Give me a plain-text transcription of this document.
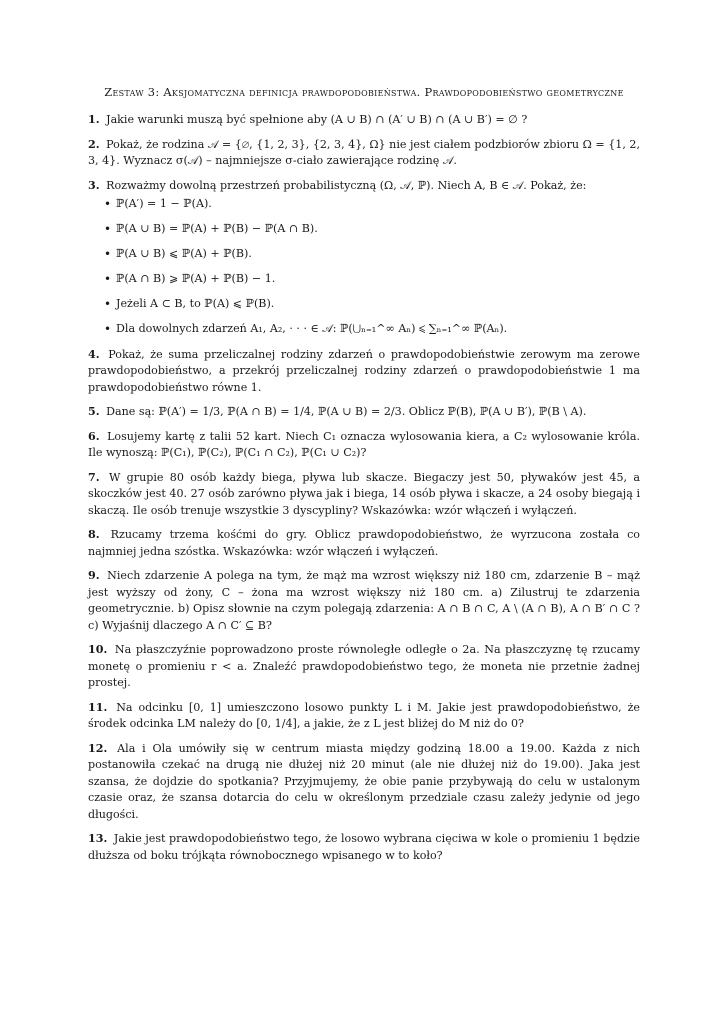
Zestaw 3: Aksjomatyczna definicja prawdopodobieństwa. Prawdopodobieństwo geometryczne
1. Jakie warunki muszą być spełnione aby (A ∪ B) ∩ (A′ ∪ B) ∩ (A ∪ B′) = ∅ ?
2. Pokaż, że rodzina 𝒜 = {∅, {1, 2, 3}, {2, 3, 4}, Ω} nie jest ciałem podzbiorów zbioru Ω = {1, 2, 3, 4}. Wyznacz σ(𝒜) – najmniejsze σ-ciało zawierające rodzinę 𝒜.
3. Rozważmy dowolną przestrzeń probabilistyczną (Ω, 𝒜, ℙ). Niech A, B ∈ 𝒜. Pokaż, że:
• ℙ(A′) = 1 − ℙ(A).
• ℙ(A ∪ B) = ℙ(A) + ℙ(B) − ℙ(A ∩ B).
• ℙ(A ∪ B) ⩽ ℙ(A) + ℙ(B).
• ℙ(A ∩ B) ⩾ ℙ(A) + ℙ(B) − 1.
• Jeżeli A ⊂ B, to ℙ(A) ⩽ ℙ(B).
• Dla dowolnych zdarzeń A₁, A₂, · · · ∈ 𝒜: ℙ(⋃ₙ₌₁^∞ Aₙ) ⩽ ∑ₙ₌₁^∞ ℙ(Aₙ).
4. Pokaż, że suma przeliczalnej rodziny zdarzeń o prawdopodobieństwie zerowym ma zerowe prawdopodobieństwo, a przekrój przeliczalnej rodziny zdarzeń o prawdopodobieństwie 1 ma prawdopodobieństwo równe 1.
5. Dane są: ℙ(A′) = 1/3, ℙ(A ∩ B) = 1/4, ℙ(A ∪ B) = 2/3. Oblicz ℙ(B), ℙ(A ∪ B′), ℙ(B \ A).
6. Losujemy kartę z talii 52 kart. Niech C₁ oznacza wylosowania kiera, a C₂ wylosowanie króla. Ile wynoszą: ℙ(C₁), ℙ(C₂), ℙ(C₁ ∩ C₂), ℙ(C₁ ∪ C₂)?
7. W grupie 80 osób każdy biega, pływa lub skacze. Biegaczy jest 50, pływaków jest 45, a skoczków jest 40. 27 osób zarówno pływa jak i biega, 14 osób pływa i skacze, a 24 osoby biegają i skaczą. Ile osób trenuje wszystkie 3 dyscypliny? Wskazówka: wzór włączeń i wyłączeń.
8. Rzucamy trzema kośćmi do gry. Oblicz prawdopodobieństwo, że wyrzucona została co najmniej jedna szóstka. Wskazówka: wzór włączeń i wyłączeń.
9. Niech zdarzenie A polega na tym, że mąż ma wzrost większy niż 180 cm, zdarzenie B – mąż jest wyższy od żony, C – żona ma wzrost większy niż 180 cm. a) Zilustruj te zdarzenia geometrycznie. b) Opisz słownie na czym polegają zdarzenia: A ∩ B ∩ C, A \ (A ∩ B), A ∩ B′ ∩ C ? c) Wyjaśnij dlaczego A ∩ C′ ⊆ B?
10. Na płaszczyźnie poprowadzono proste równoległe odległe o 2a. Na płaszczyznę tę rzucamy monetę o promieniu r < a. Znaleźć prawdopodobieństwo tego, że moneta nie przetnie żadnej prostej.
11. Na odcinku [0, 1] umieszczono losowo punkty L i M. Jakie jest prawdopodobieństwo, że środek odcinka LM należy do [0, 1/4], a jakie, że z L jest bliżej do M niż do 0?
12. Ala i Ola umówiły się w centrum miasta między godziną 18.00 a 19.00. Każda z nich postanowiła czekać na drugą nie dłużej niż 20 minut (ale nie dłużej niż do 19.00). Jaka jest szansa, że dojdzie do spotkania? Przyjmujemy, że obie panie przybywają do celu w ustalonym czasie oraz, że szansa dotarcia do celu w określonym przedziale czasu zależy jedynie od jego długości.
13. Jakie jest prawdopodobieństwo tego, że losowo wybrana cięciwa w kole o promieniu 1 będzie dłuższa od boku trójkąta równobocznego wpisanego w to koło?
